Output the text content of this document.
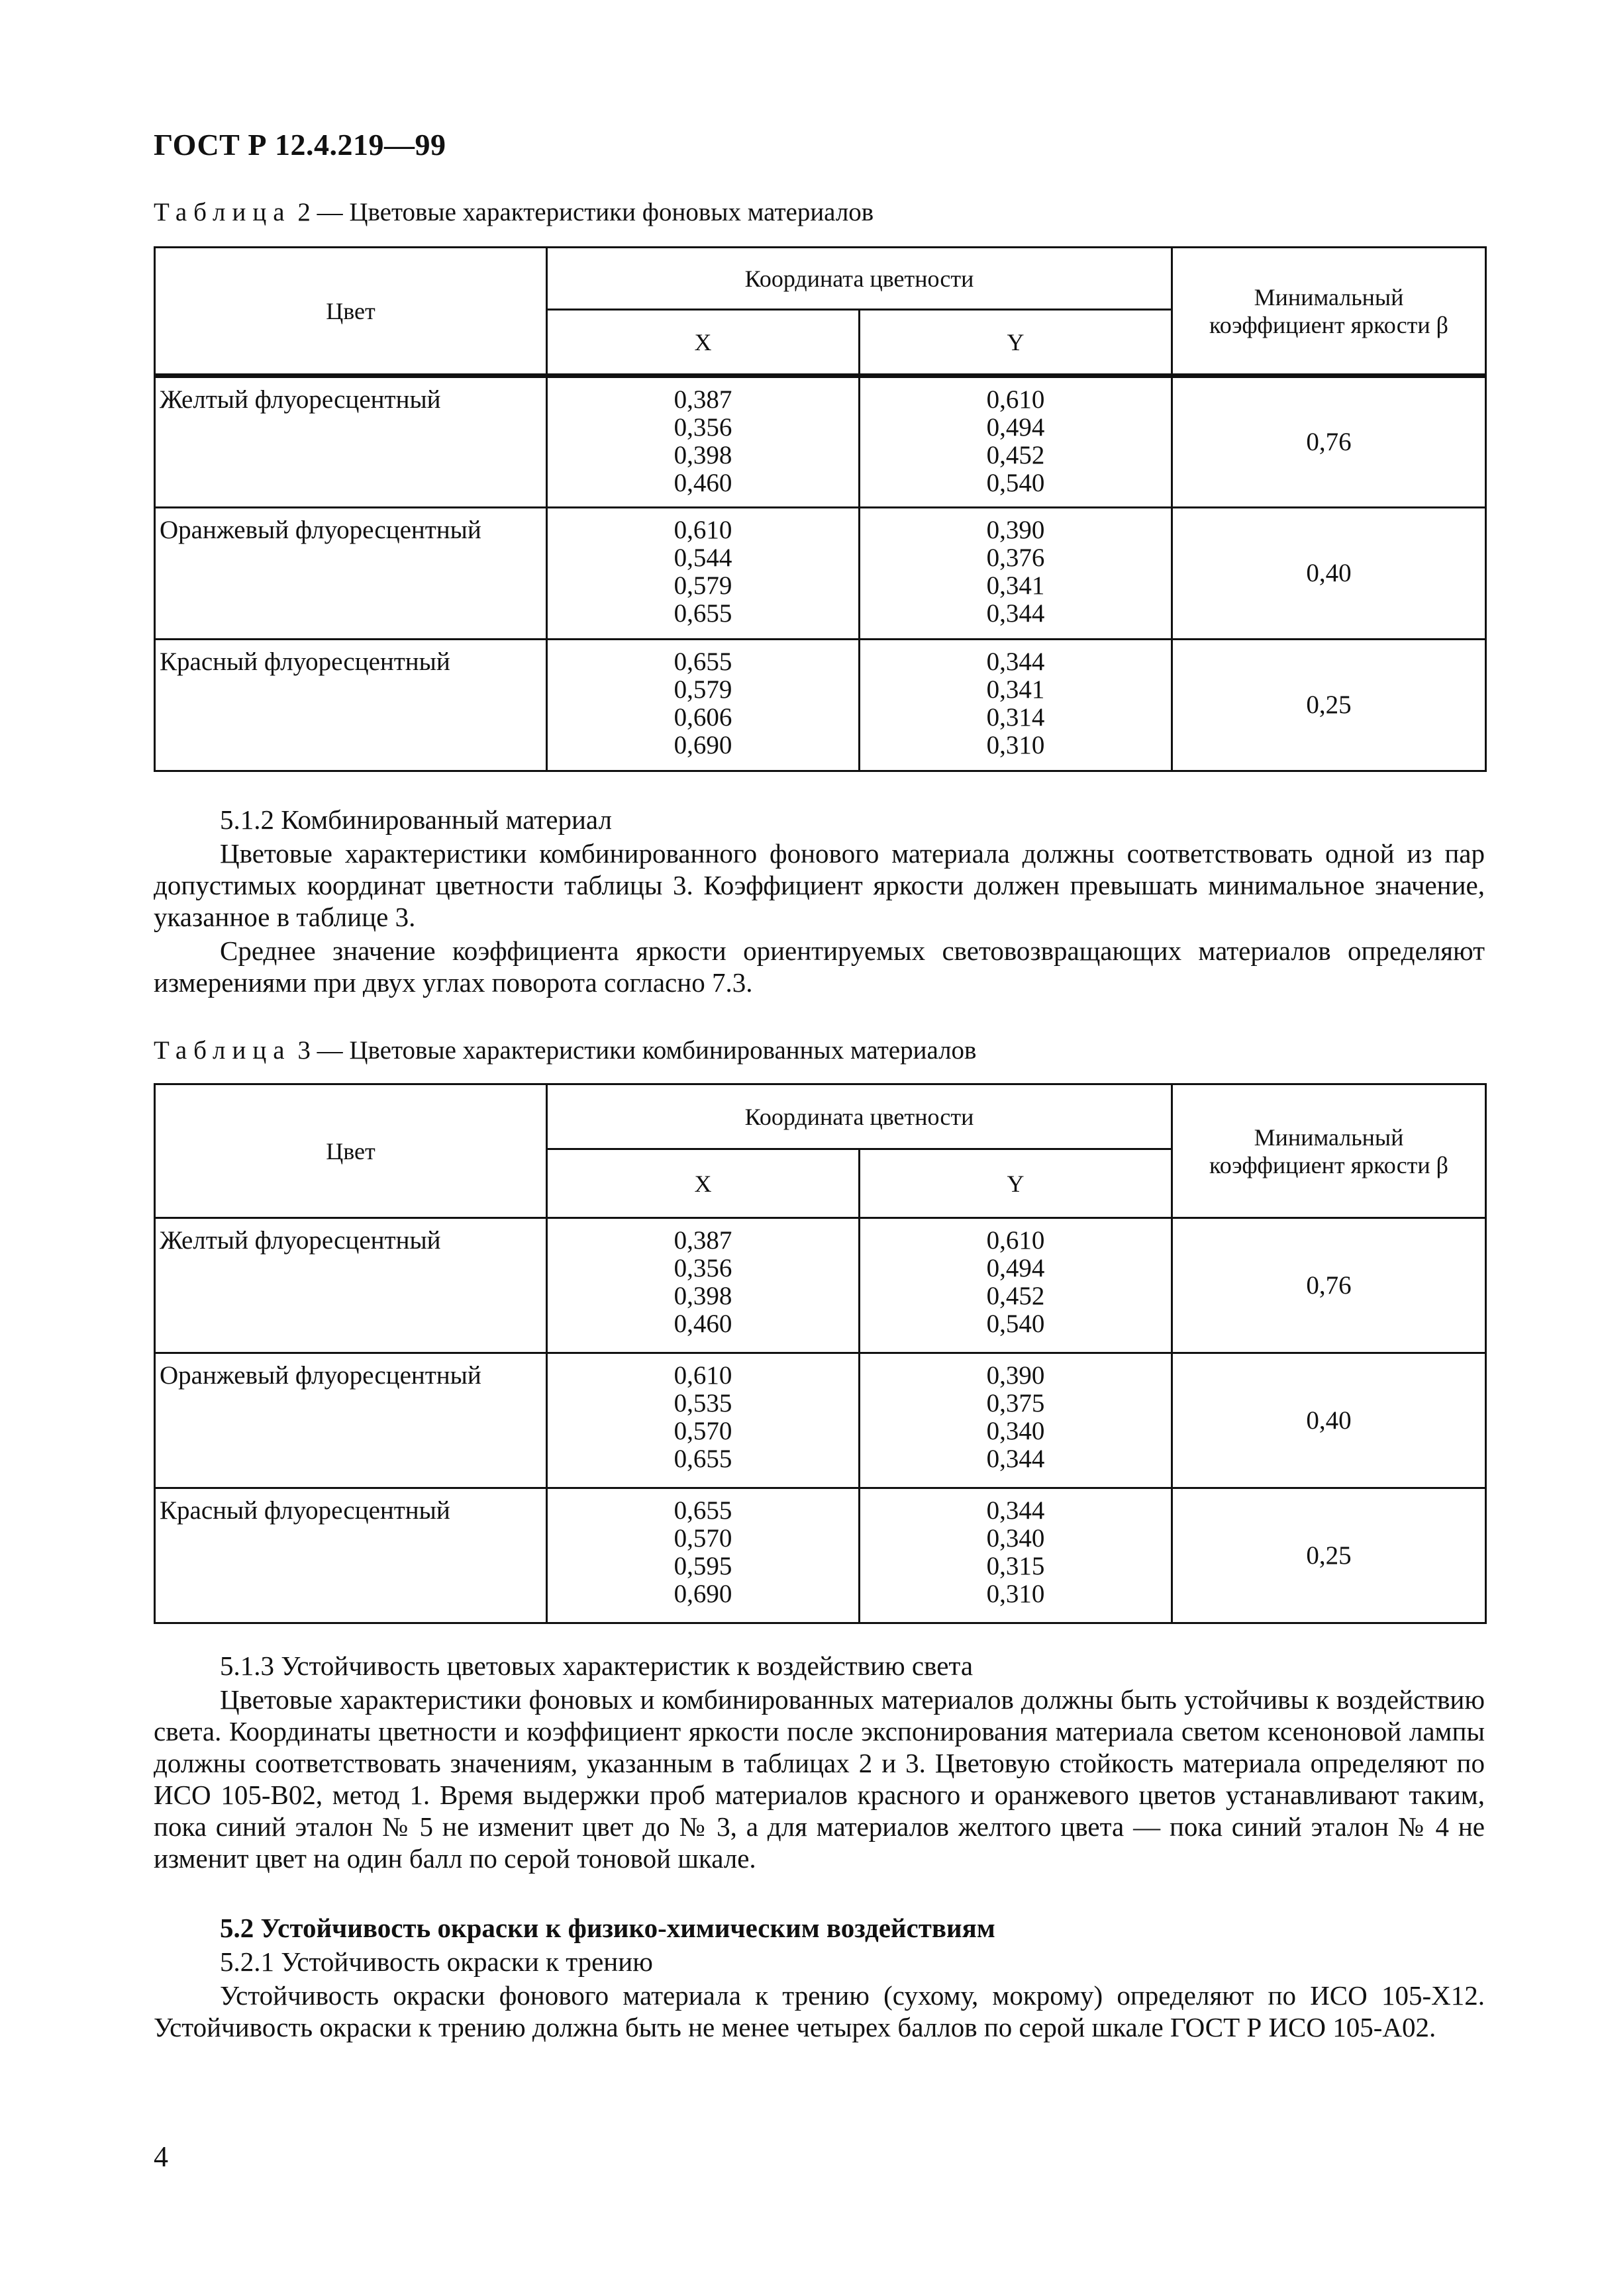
ГОСТ Р 12.4.219—99
Таблица 2 — Цветовые характеристики фоновых материалов
Цвет	Координата цветности		Минимальный коэффициент яркости β
	X	Y	
Желтый флуоресцентный	0,387
0,356
0,398
0,460	0,610
0,494
0,452
0,540	0,76
Оранжевый флуоресцентный	0,610
0,544
0,579
0,655	0,390
0,376
0,341
0,344	0,40
Красный флуоресцентный	0,655
0,579
0,606
0,690	0,344
0,341
0,314
0,310	0,25
5.1.2 Комбинированный материал
Цветовые характеристики комбинированного фонового материала должны соответствовать одной из пар допустимых координат цветности таблицы 3. Коэффициент яркости должен превышать минимальное значение, указанное в таблице 3.
Среднее значение коэффициента яркости ориентируемых световозвращающих материалов определяют измерениями при двух углах поворота согласно 7.3.
Таблица 3 — Цветовые характеристики комбинированных материалов
Цвет	Координата цветности		Минимальный коэффициент яркости β
	X	Y	
Желтый флуоресцентный	0,387
0,356
0,398
0,460	0,610
0,494
0,452
0,540	0,76
Оранжевый флуоресцентный	0,610
0,535
0,570
0,655	0,390
0,375
0,340
0,344	0,40
Красный флуоресцентный	0,655
0,570
0,595
0,690	0,344
0,340
0,315
0,310	0,25
5.1.3 Устойчивость цветовых характеристик к воздействию света
Цветовые характеристики фоновых и комбинированных материалов должны быть устойчивы к воздействию света. Координаты цветности и коэффициент яркости после экспонирования материала светом ксеноновой лампы должны соответствовать значениям, указанным в таблицах 2 и 3. Цветовую стойкость материала определяют по ИСО 105-В02, метод 1. Время выдержки проб материалов красного и оранжевого цветов устанавливают таким, пока синий эталон № 5 не изменит цвет до № 3, а для материалов желтого цвета — пока синий эталон № 4 не изменит цвет на один балл по серой тоновой шкале.
5.2 Устойчивость окраски к физико-химическим воздействиям
5.2.1 Устойчивость окраски к трению
Устойчивость окраски фонового материала к трению (сухому, мокрому) определяют по ИСО 105-Х12. Устойчивость окраски к трению должна быть не менее четырех баллов по серой шкале ГОСТ Р ИСО 105-А02.
4
